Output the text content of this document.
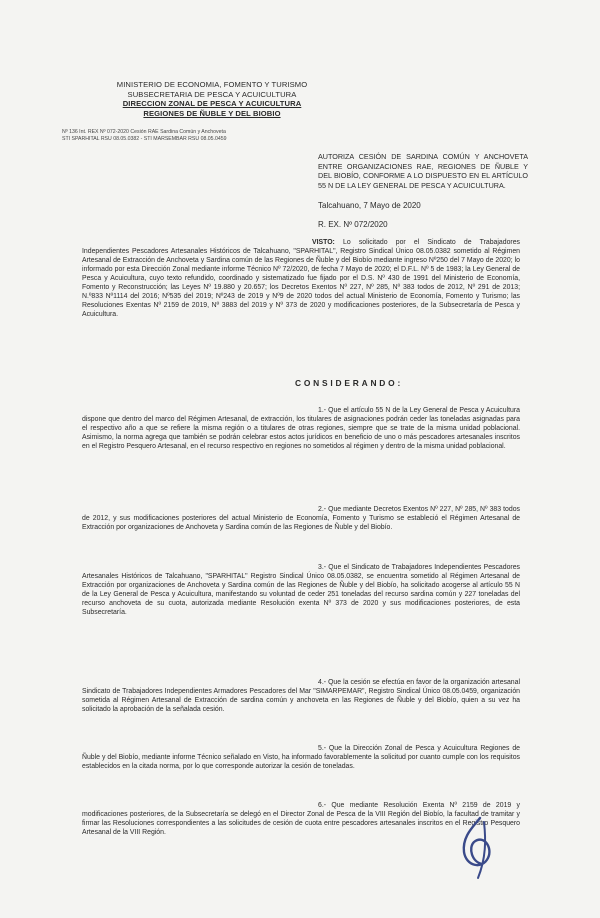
MINISTERIO DE ECONOMIA, FOMENTO Y TURISMO
SUBSECRETARIA DE PESCA Y ACUICULTURA
DIRECCION ZONAL DE PESCA Y ACUICULTURA
REGIONES DE ÑUBLE Y DEL BIOBIO
Nº 136 Int. REX Nº 072-2020 Cesión RAE Sardina Común y Anchoveta
STI SPARHITAL RSU 08.05.0382 - STI MARSEMBAR RSU 08.05.0459
AUTORIZA CESIÓN DE SARDINA COMÚN Y ANCHOVETA ENTRE ORGANIZACIONES RAE, REGIONES DE ÑUBLE Y DEL BIOBÍO, CONFORME A LO DISPUESTO EN EL ARTÍCULO 55 N DE LA LEY GENERAL DE PESCA Y ACUICULTURA.
Talcahuano, 7 Mayo de 2020
R. EX. Nº 072/2020
VISTO: Lo solicitado por el Sindicato de Trabajadores Independientes Pescadores Artesanales Históricos de Talcahuano, "SPARHITAL", Registro Sindical Único 08.05.0382 sometido al Régimen Artesanal de Extracción de Anchoveta y Sardina común de las Regiones de Ñuble y del Biobío mediante ingreso Nº250 del 7 Mayo de 2020; lo informado por esta Dirección Zonal mediante informe Técnico Nº 72/2020, de fecha 7 Mayo de 2020; el D.F.L. Nº 5 de 1983; la Ley General de Pesca y Acuicultura, cuyo texto refundido, coordinado y sistematizado fue fijado por el D.S. Nº 430 de 1991 del Ministerio de Economía, Fomento y Reconstrucción; las Leyes Nº 19.880 y 20.657; los Decretos Exentos Nº 227, Nº 285, Nº 383 todos de 2012, Nº 291 de 2013; N.º833 Nº1114 del 2016; Nº535 del 2019; Nº243 de 2019 y Nº9 de 2020 todos del actual Ministerio de Economía, Fomento y Turismo; las Resoluciones Exentas Nº 2159 de 2019, Nº 3883 del 2019 y Nº 373 de 2020 y modificaciones posteriores, de la Subsecretaría de Pesca y Acuicultura.
CONSIDERANDO:
1.- Que el artículo 55 N de la Ley General de Pesca y Acuicultura dispone que dentro del marco del Régimen Artesanal, de extracción, los titulares de asignaciones podrán ceder las toneladas asignadas para el respectivo año a que se refiere la misma región o a titulares de otras regiones, siempre que se trate de la misma unidad poblacional. Asimismo, la norma agrega que también se podrán celebrar estos actos jurídicos en beneficio de uno o más pescadores artesanales inscritos en el Registro Pesquero Artesanal, en el recurso respectivo en regiones no sometidos al régimen y dentro de la misma unidad poblacional.
2.- Que mediante Decretos Exentos Nº 227, Nº 285, Nº 383 todos de 2012, y sus modificaciones posteriores del actual Ministerio de Economía, Fomento y Turismo se estableció el Régimen Artesanal de Extracción por organizaciones de Anchoveta y Sardina común de las Regiones de Ñuble y del Biobío.
3.- Que el Sindicato de Trabajadores Independientes Pescadores Artesanales Históricos de Talcahuano, "SPARHITAL" Registro Sindical Único 08.05.0382, se encuentra sometido al Régimen Artesanal de Extracción por organizaciones de Anchoveta y Sardina común de las Regiones de Ñuble y del Biobío, ha solicitado acogerse al artículo 55 N de la Ley General de Pesca y Acuicultura, manifestando su voluntad de ceder 251 toneladas del recurso sardina común y 227 toneladas del recurso anchoveta de su cuota, autorizada mediante Resolución exenta Nº 373 de 2020 y sus modificaciones posteriores, de esta Subsecretaría.
4.- Que la cesión se efectúa en favor de la organización artesanal Sindicato de Trabajadores Independientes Armadores Pescadores del Mar "SIMARPEMAR", Registro Sindical Único 08.05.0459, organización sometida al Régimen Artesanal de Extracción de sardina común y anchoveta en las Regiones de Ñuble y del Biobío, quien a su vez ha solicitado la aprobación de la señalada cesión.
5.- Que la Dirección Zonal de Pesca y Acuicultura Regiones de Ñuble y del Biobío, mediante informe Técnico señalado en Visto, ha informado favorablemente la solicitud por cuanto cumple con los requisitos establecidos en la citada norma, por lo que corresponde autorizar la cesión de toneladas.
6.- Que mediante Resolución Exenta Nº 2159 de 2019 y modificaciones posteriores, de la Subsecretaría se delegó en el Director Zonal de Pesca de la VIII Región del Biobío, la facultad de tramitar y firmar las Resoluciones correspondientes a las solicitudes de cesión de cuota entre pescadores artesanales inscritos en el Registro Pesquero Artesanal de la VIII Región.
